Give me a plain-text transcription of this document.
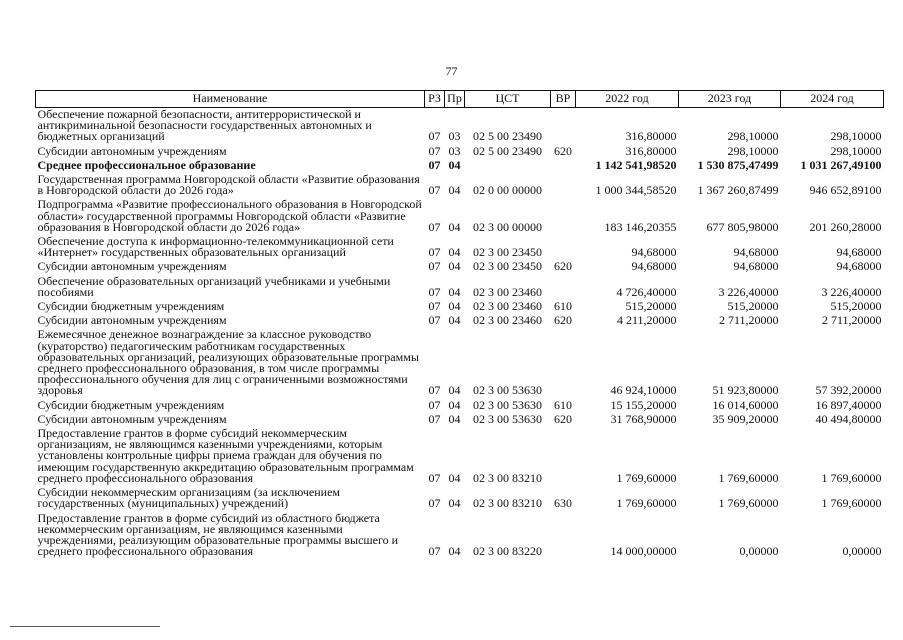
77
Наименование	РЗ	Пр	ЦСТ	ВР	2022 год	2023 год	2024 год
Обеспечение пожарной безопасности, антитеррористической и антикриминальной безопасности государственных автономных и бюджетных организаций	07	03	02 5 00 23490		316,80000	298,10000	298,10000
Субсидии автономным учреждениям	07	03	02 5 00 23490	620	316,80000	298,10000	298,10000
Среднее профессиональное образование	07	04			1 142 541,98520	1 530 875,47499	1 031 267,49100
Государственная программа Новгородской области «Развитие образования в Новгородской области до 2026 года»	07	04	02 0 00 00000		1 000 344,58520	1 367 260,87499	946 652,89100
Подпрограмма «Развитие профессионального образования в Новгородской области» государственной программы Новгородской области «Развитие образования в Новгородской области до 2026 года»	07	04	02 3 00 00000		183 146,20355	677 805,98000	201 260,28000
Обеспечение доступа к информационно-телекоммуникационной сети «Интернет» государственных образовательных организаций	07	04	02 3 00 23450		94,68000	94,68000	94,68000
Субсидии автономным учреждениям	07	04	02 3 00 23450	620	94,68000	94,68000	94,68000
Обеспечение образовательных организаций учебниками и учебными пособиями	07	04	02 3 00 23460		4 726,40000	3 226,40000	3 226,40000
Субсидии бюджетным учреждениям	07	04	02 3 00 23460	610	515,20000	515,20000	515,20000
Субсидии автономным учреждениям	07	04	02 3 00 23460	620	4 211,20000	2 711,20000	2 711,20000
Ежемесячное денежное вознаграждение за классное руководство (кураторство) педагогическим работникам государственных образовательных организаций, реализующих образовательные программы среднего профессионального образования, в том числе программы профессионального обучения для лиц с ограниченными возможностями здоровья	07	04	02 3 00 53630		46 924,10000	51 923,80000	57 392,20000
Субсидии бюджетным учреждениям	07	04	02 3 00 53630	610	15 155,20000	16 014,60000	16 897,40000
Субсидии автономным учреждениям	07	04	02 3 00 53630	620	31 768,90000	35 909,20000	40 494,80000
Предоставление грантов в форме субсидий некоммерческим организациям, не являющимся казенными учреждениями, которым установлены контрольные цифры приема граждан для обучения по имеющим государственную аккредитацию образовательным программам среднего профессионального образования	07	04	02 3 00 83210		1 769,60000	1 769,60000	1 769,60000
Субсидии некоммерческим организациям (за исключением государственных (муниципальных) учреждений)	07	04	02 3 00 83210	630	1 769,60000	1 769,60000	1 769,60000
Предоставление грантов в форме субсидий из областного бюджета некоммерческим организациям, не являющимся казенными учреждениями, реализующим образовательные программы высшего и среднего профессионального образования	07	04	02 3 00 83220		14 000,00000	0,00000	0,00000
